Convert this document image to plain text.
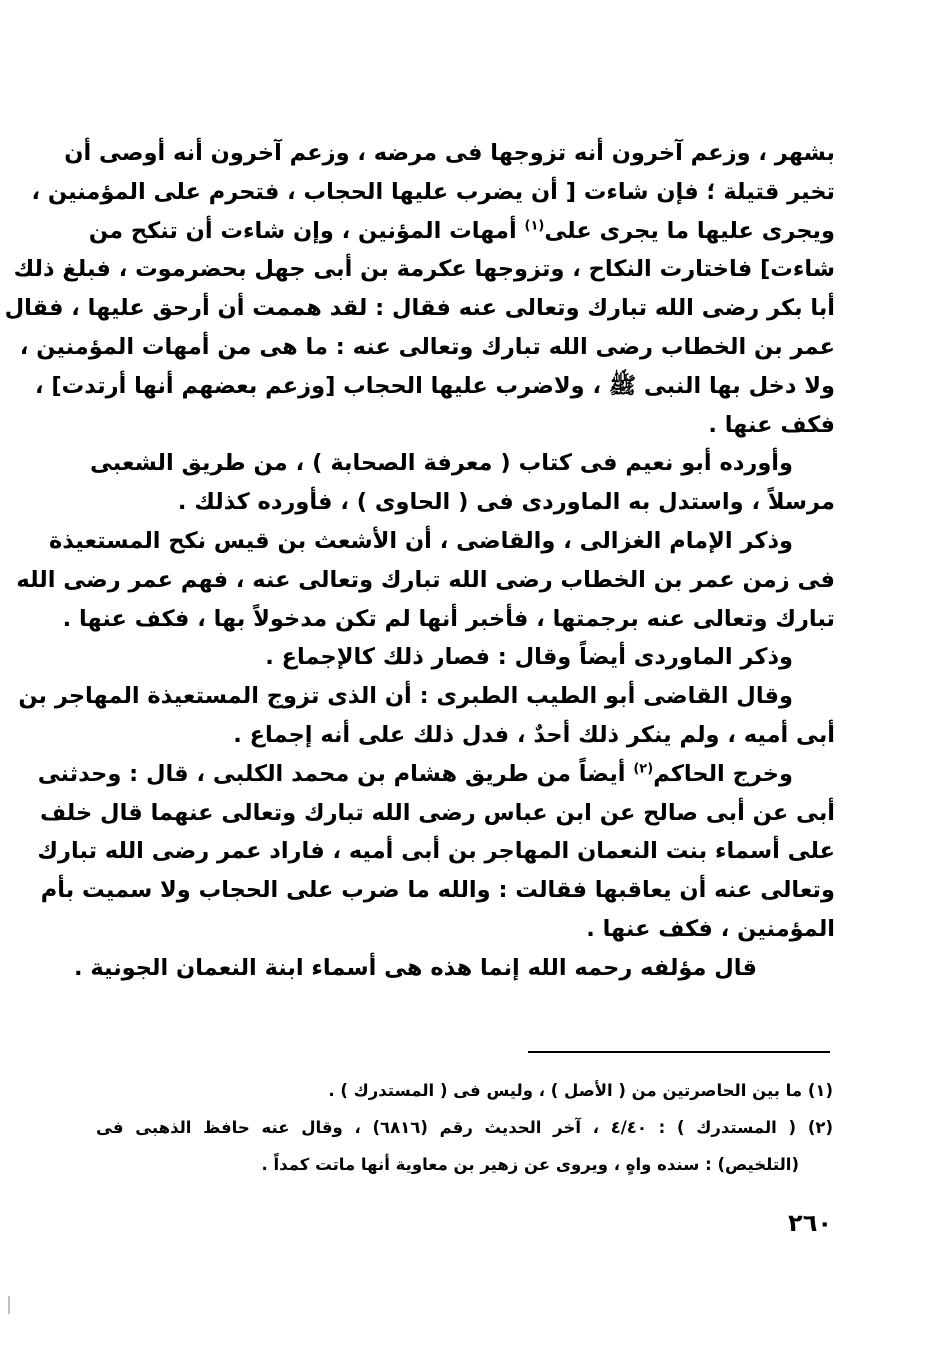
بشهر ، وزعم آخرون أنه تزوجها فى مرضه ، وزعم آخرون أنه أوصى أن
تخير قتيلة ؛ فإن شاءت [ أن يضرب عليها الحجاب ، فتحرم على المؤمنين ،
ويجرى عليها ما يجرى على$^{(١)}$ أمهات المؤنين ، وإن شاءت أن تنكح من
شاءت] فاختارت النكاح ، وتزوجها عكرمة بن أبى جهل بحضرموت ، فبلغ ذلك
أبا بكر رضى الله تبارك وتعالى عنه فقال : لقد هممت أن أرحق عليها ، فقال
عمر بن الخطاب رضى الله تبارك وتعالى عنه : ما هى من أمهات المؤمنين ،
ولا دخل بها النبى ﷺ ، ولاضرب عليها الحجاب [وزعم بعضهم أنها أرتدت] ،
فكف عنها .
وأورده أبو نعيم فى كتاب ( معرفة الصحابة ) ، من طريق الشعبى
مرسلاً ، واستدل به الماوردى فى ( الحاوى ) ، فأورده كذلك .
وذكر الإمام الغزالى ، والقاضى ، أن الأشعث بن قيس نكح المستعيذة
فى زمن عمر بن الخطاب رضى الله تبارك وتعالى عنه ، فهم عمر رضى الله
تبارك وتعالى عنه برجمتها ، فأخبر أنها لم تكن مدخولاً بها ، فكف عنها .
وذكر الماوردى أيضاً وقال : فصار ذلك كالإجماع .
وقال القاضى أبو الطيب الطبرى : أن الذى تزوج المستعيذة المهاجر بن
أبى أميه ، ولم ينكر ذلك أحدٌ ، فدل ذلك على أنه إجماع .
وخرج الحاكم$^{(٢)}$ أيضاً من طريق هشام بن محمد الكلبى ، قال : وحدثنى
أبى عن أبى صالح عن ابن عباس رضى الله تبارك وتعالى عنهما قال خلف
على أسماء بنت النعمان المهاجر بن أبى أميه ، فاراد عمر رضى الله تبارك
وتعالى عنه أن يعاقبها فقالت : والله ما ضرب على الحجاب ولا سميت بأم
المؤمنين ، فكف عنها .
قال مؤلفه رحمه الله إنما هذه هى أسماء ابنة النعمان الجونية .
(١) ما بين الحاصرتين من ( الأصل ) ، وليس فى ( المستدرك ) .
(٢) ( المستدرك ) : ٤/٤٠ ، آخر الحديث رقم (٦٨١٦) ، وقال عنه حافظ الذهبى فى
(التلخيص) : سنده واهٍ ، ويروى عن زهير بن معاوية أنها ماتت كمداً .
٢٦٠
